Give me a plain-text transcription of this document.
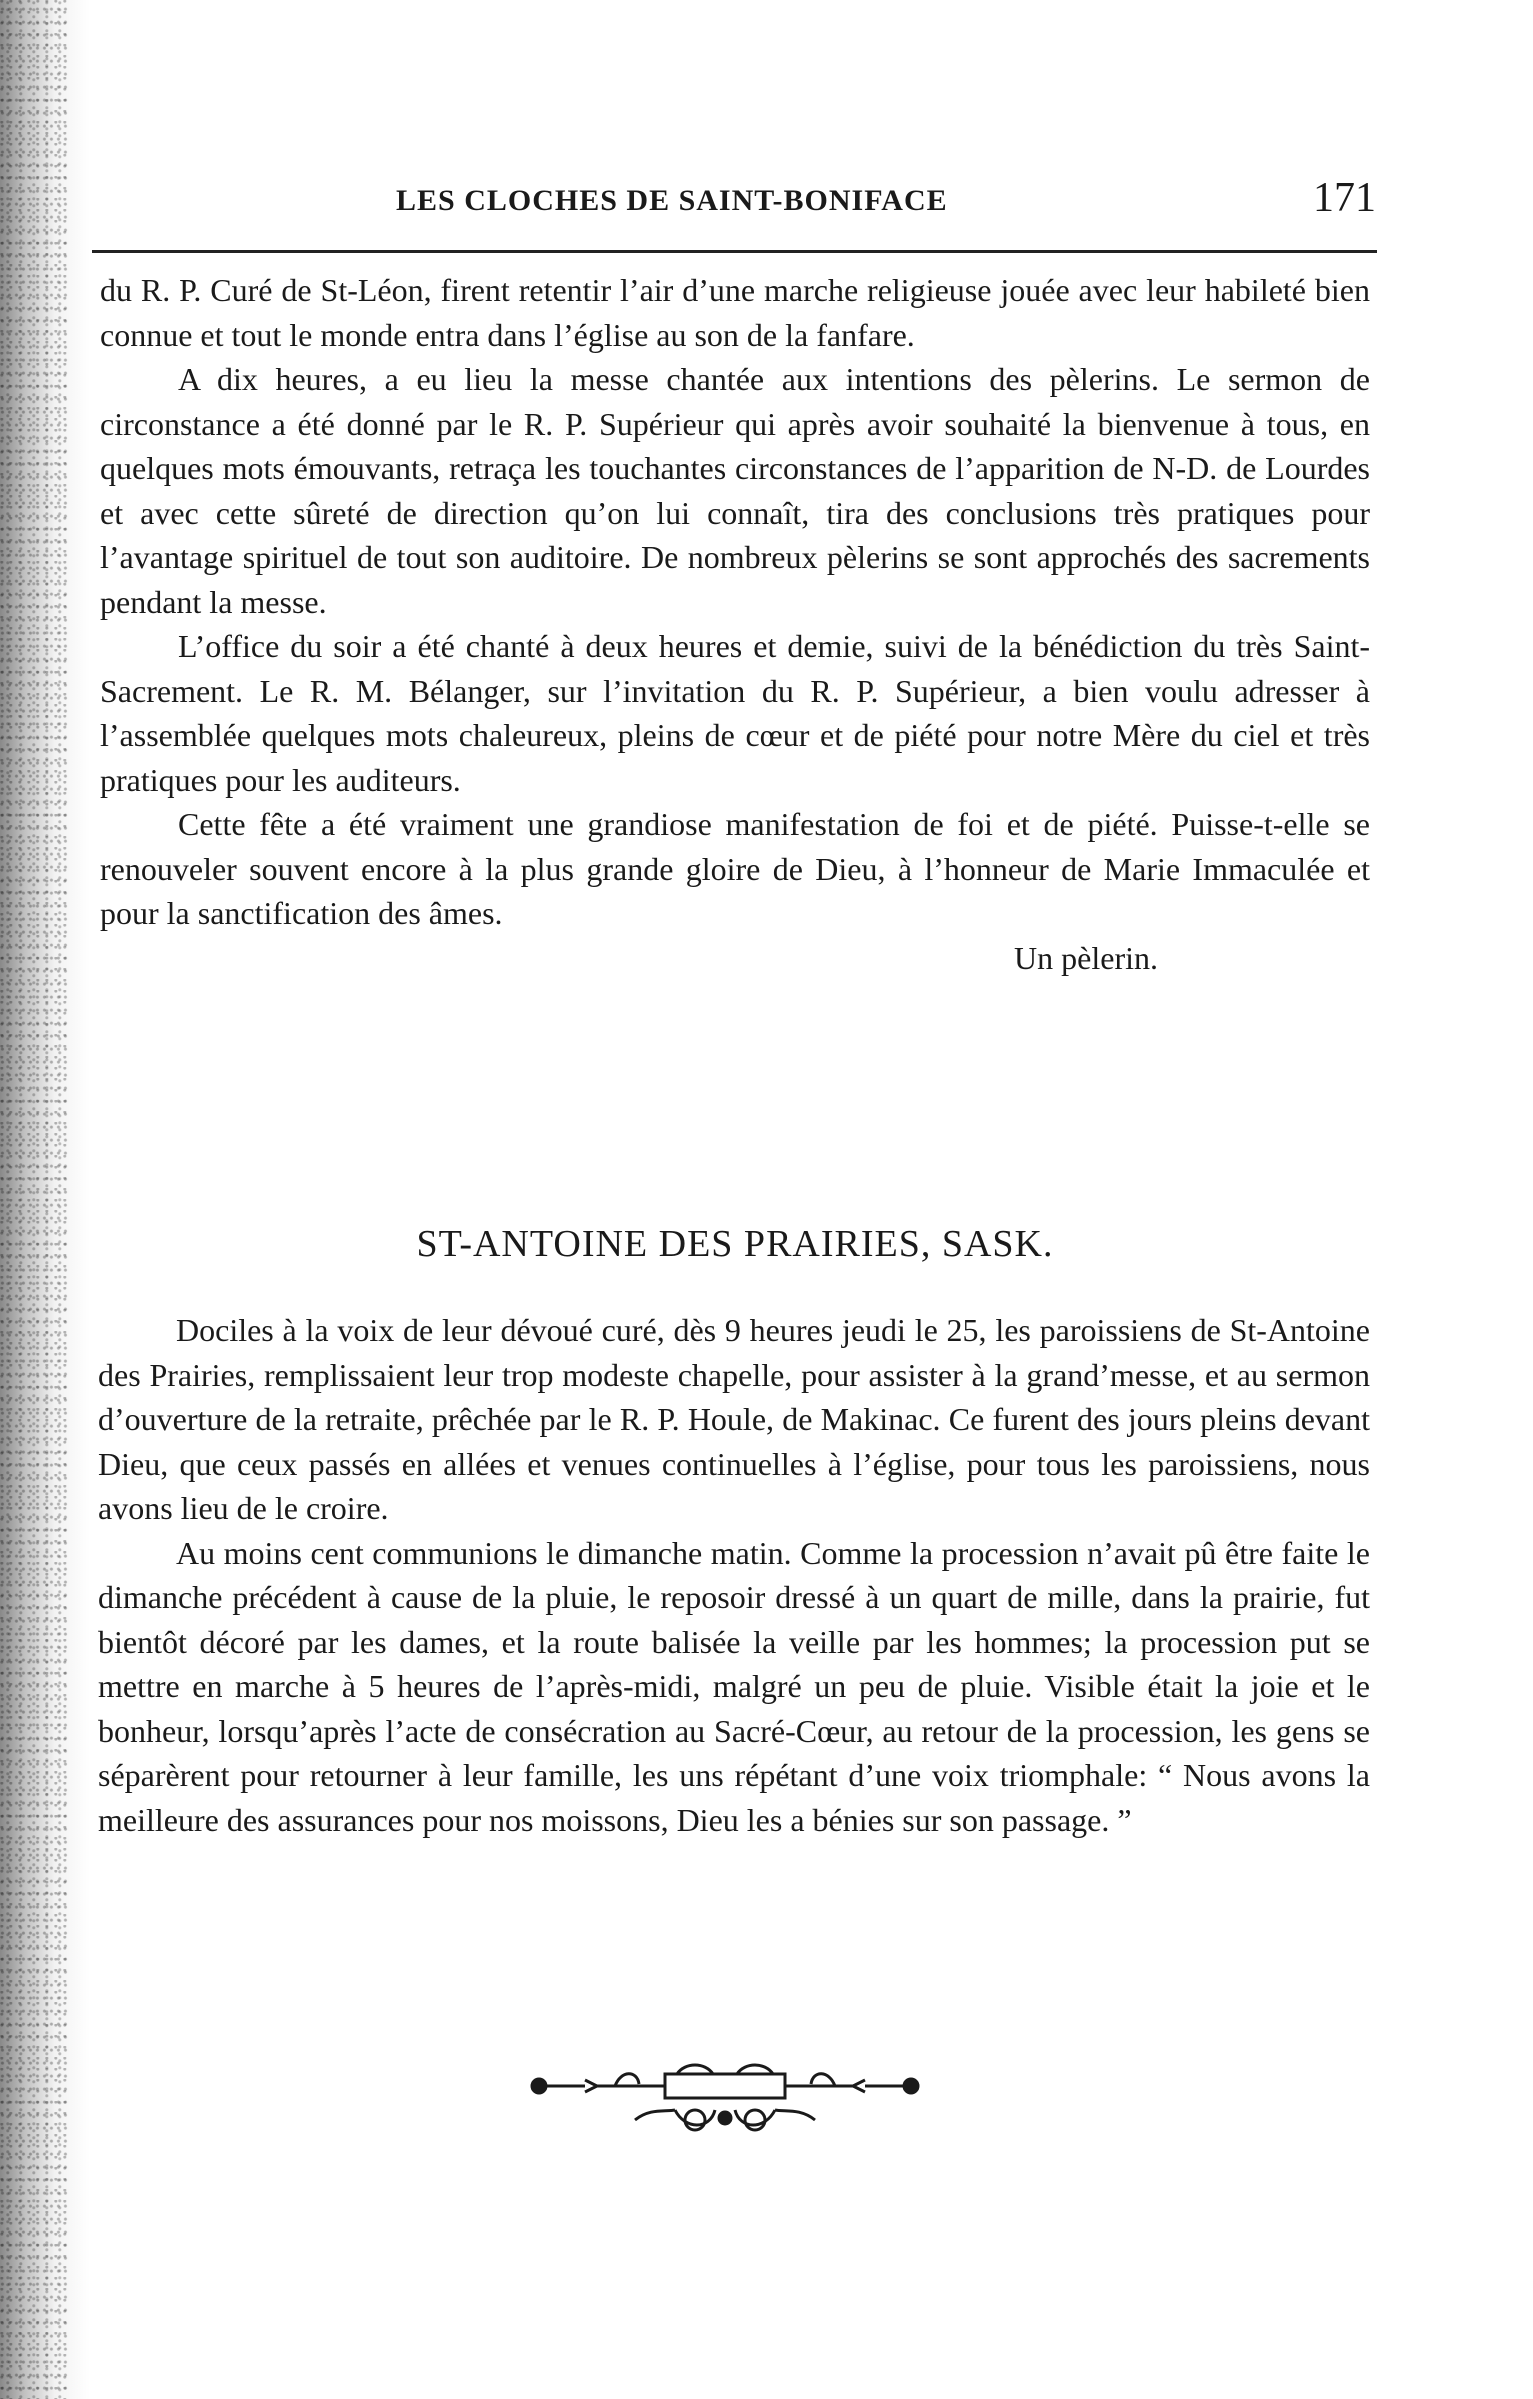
LES CLOCHES DE SAINT-BONIFACE	171

du R. P. Curé de St-Léon, firent retentir l’air d’une marche religieuse jouée avec leur habileté bien connue et tout le monde entra dans l’église au son de la fanfare.

A dix heures, a eu lieu la messe chantée aux intentions des pèlerins. Le sermon de circonstance a été donné par le R. P. Supérieur qui après avoir souhaité la bienvenue à tous, en quelques mots émouvants, retraça les touchantes circonstances de l’apparition de N-D. de Lourdes et avec cette sûreté de direction qu’on lui connaît, tira des conclusions très pratiques pour l’avantage spirituel de tout son auditoire. De nombreux pèlerins se sont approchés des sacrements pendant la messe.

L’office du soir a été chanté à deux heures et demie, suivi de la bénédiction du très Saint-Sacrement. Le R. M. Bélanger, sur l’invitation du R. P. Supérieur, a bien voulu adresser à l’assemblée quelques mots chaleureux, pleins de cœur et de piété pour notre Mère du ciel et très pratiques pour les auditeurs.

Cette fête a été vraiment une grandiose manifestation de foi et de piété. Puisse-t-elle se renouveler souvent encore à la plus grande gloire de Dieu, à l’honneur de Marie Immaculée et pour la sanctification des âmes.

Un pèlerin.

ST-ANTOINE DES PRAIRIES, SASK.

Dociles à la voix de leur dévoué curé, dès 9 heures jeudi le 25, les paroissiens de St-Antoine des Prairies, remplissaient leur trop modeste chapelle, pour assister à la grand’messe, et au sermon d’ouverture de la retraite, prêchée par le R. P. Houle, de Makinac. Ce furent des jours pleins devant Dieu, que ceux passés en allées et venues continuelles à l’église, pour tous les paroissiens, nous avons lieu de le croire.

Au moins cent communions le dimanche matin. Comme la procession n’avait pû être faite le dimanche précédent à cause de la pluie, le reposoir dressé à un quart de mille, dans la prairie, fut bientôt décoré par les dames, et la route balisée la veille par les hommes; la procession put se mettre en marche à 5 heures de l’après-midi, malgré un peu de pluie. Visible était la joie et le bonheur, lorsqu’après l’acte de consécration au Sacré-Cœur, au retour de la procession, les gens se séparèrent pour retourner à leur famille, les uns répétant d’une voix triomphale: “ Nous avons la meilleure des assurances pour nos moissons, Dieu les a bénies sur son passage. ”
